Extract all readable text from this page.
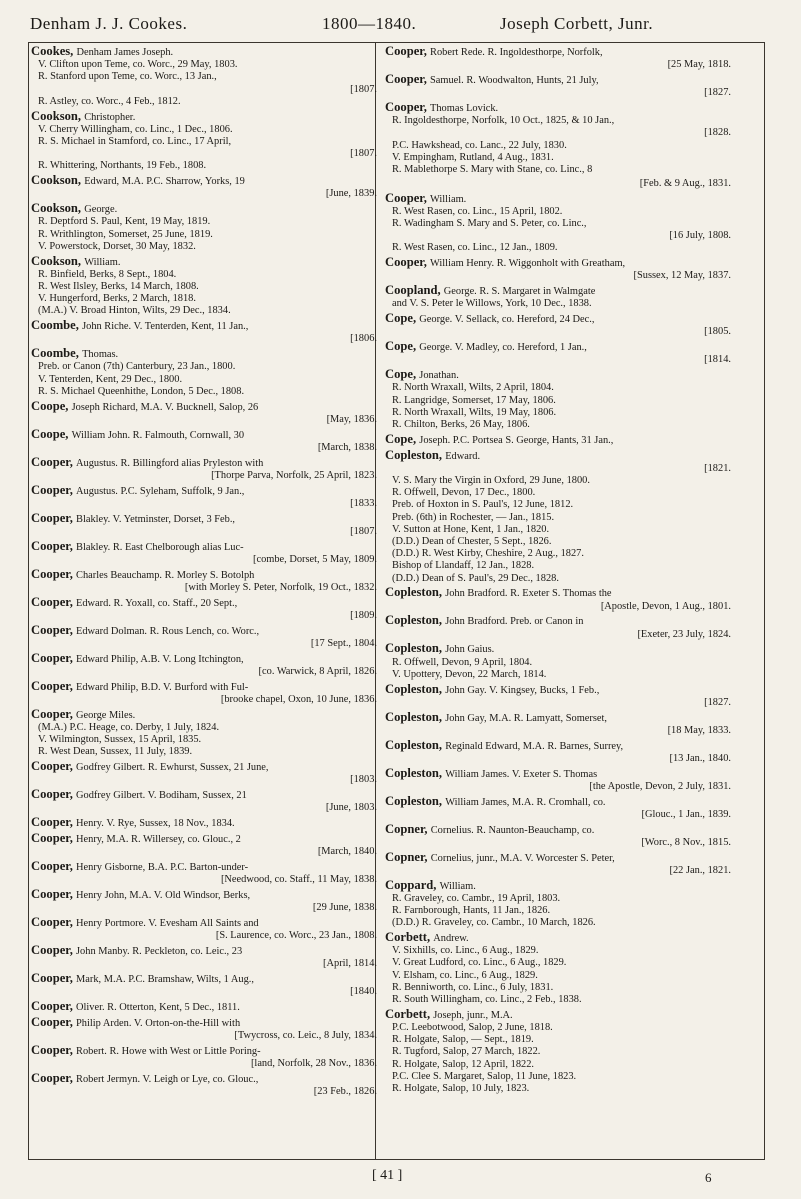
Denham J. J. Cookes.	1800—1840.	Joseph Corbett, Junr.
Cookes, Denham James Joseph.
V. Clifton upon Teme, co. Worc., 29 May, 1803.
R. Stanford upon Teme, co. Worc., 13 Jan.,
[1807.
R. Astley, co. Worc., 4 Feb., 1812.
Cookson, Christopher.
V. Cherry Willingham, co. Linc., 1 Dec., 1806.
R. S. Michael in Stamford, co. Linc., 17 April,
[1807.
R. Whittering, Northants, 19 Feb., 1808.
Cookson, Edward, M.A. P.C. Sharrow, Yorks, 19
[June, 1839.
Cookson, George.
R. Deptford S. Paul, Kent, 19 May, 1819.
R. Writhlington, Somerset, 25 June, 1819.
V. Powerstock, Dorset, 30 May, 1832.
Cookson, William.
R. Binfield, Berks, 8 Sept., 1804.
R. West Ilsley, Berks, 14 March, 1808.
V. Hungerford, Berks, 2 March, 1818.
(M.A.) V. Broad Hinton, Wilts, 29 Dec., 1834.
Coombe, John Riche. V. Tenterden, Kent, 11 Jan.,
[1806.
Coombe, Thomas.
Preb. or Canon (7th) Canterbury, 23 Jan., 1800.
V. Tenterden, Kent, 29 Dec., 1800.
R. S. Michael Queenhithe, London, 5 Dec., 1808.
Coope, Joseph Richard, M.A. V. Bucknell, Salop, 26
[May, 1836.
Coope, William John. R. Falmouth, Cornwall, 30
[March, 1838.
Cooper, Augustus. R. Billingford alias Pryleston with
[Thorpe Parva, Norfolk, 25 April, 1823.
Cooper, Augustus. P.C. Syleham, Suffolk, 9 Jan.,
[1833.
Cooper, Blakley. V. Yetminster, Dorset, 3 Feb.,
[1807.
Cooper, Blakley. R. East Chelborough alias Luc-
[combe, Dorset, 5 May, 1809.
Cooper, Charles Beauchamp. R. Morley S. Botolph
[with Morley S. Peter, Norfolk, 19 Oct., 1832.
Cooper, Edward. R. Yoxall, co. Staff., 20 Sept.,
[1809.
Cooper, Edward Dolman. R. Rous Lench, co. Worc.,
[17 Sept., 1804.
Cooper, Edward Philip, A.B. V. Long Itchington,
[co. Warwick, 8 April, 1826.
Cooper, Edward Philip, B.D. V. Burford with Ful-
[brooke chapel, Oxon, 10 June, 1836.
Cooper, George Miles.
(M.A.) P.C. Heage, co. Derby, 1 July, 1824.
V. Wilmington, Sussex, 15 April, 1835.
R. West Dean, Sussex, 11 July, 1839.
Cooper, Godfrey Gilbert. R. Ewhurst, Sussex, 21 June,
[1803.
Cooper, Godfrey Gilbert. V. Bodiham, Sussex, 21
[June, 1803.
Cooper, Henry. V. Rye, Sussex, 18 Nov., 1834.
Cooper, Henry, M.A. R. Willersey, co. Glouc., 2
[March, 1840.
Cooper, Henry Gisborne, B.A. P.C. Barton-under-
[Needwood, co. Staff., 11 May, 1838.
Cooper, Henry John, M.A. V. Old Windsor, Berks,
[29 June, 1838.
Cooper, Henry Portmore. V. Evesham All Saints and
[S. Laurence, co. Worc., 23 Jan., 1808.
Cooper, John Manby. R. Peckleton, co. Leic., 23
[April, 1814.
Cooper, Mark, M.A. P.C. Bramshaw, Wilts, 1 Aug.,
[1840.
Cooper, Oliver. R. Otterton, Kent, 5 Dec., 1811.
Cooper, Philip Arden. V. Orton-on-the-Hill with
[Twycross, co. Leic., 8 July, 1834.
Cooper, Robert. R. Howe with West or Little Poring-
[land, Norfolk, 28 Nov., 1836.
Cooper, Robert Jermyn. V. Leigh or Lye, co. Glouc.,
[23 Feb., 1826.
Cooper, Robert Rede. R. Ingoldesthorpe, Norfolk,
[25 May, 1818.
Cooper, Samuel. R. Woodwalton, Hunts, 21 July,
[1827.
Cooper, Thomas Lovick.
R. Ingoldesthorpe, Norfolk, 10 Oct., 1825, & 10 Jan.,
[1828.
P.C. Hawkshead, co. Lanc., 22 July, 1830.
V. Empingham, Rutland, 4 Aug., 1831.
R. Mablethorpe S. Mary with Stane, co. Linc., 8
[Feb. & 9 Aug., 1831.
Cooper, William.
R. West Rasen, co. Linc., 15 April, 1802.
R. Wadingham S. Mary and S. Peter, co. Linc.,
[16 July, 1808.
R. West Rasen, co. Linc., 12 Jan., 1809.
Cooper, William Henry. R. Wiggonholt with Greatham,
[Sussex, 12 May, 1837.
Coopland, George. R. S. Margaret in Walmgate
and V. S. Peter le Willows, York, 10 Dec., 1838.
Cope, George. V. Sellack, co. Hereford, 24 Dec.,
[1805.
Cope, George. V. Madley, co. Hereford, 1 Jan.,
[1814.
Cope, Jonathan.
R. North Wraxall, Wilts, 2 April, 1804.
R. Langridge, Somerset, 17 May, 1806.
R. North Wraxall, Wilts, 19 May, 1806.
R. Chilton, Berks, 26 May, 1806.
Cope, Joseph. P.C. Portsea S. George, Hants, 31 Jan.,
Copleston, Edward.
[1821.
V. S. Mary the Virgin in Oxford, 29 June, 1800.
R. Offwell, Devon, 17 Dec., 1800.
Preb. of Hoxton in S. Paul's, 12 June, 1812.
Preb. (6th) in Rochester, — Jan., 1815.
V. Sutton at Hone, Kent, 1 Jan., 1820.
(D.D.) Dean of Chester, 5 Sept., 1826.
(D.D.) R. West Kirby, Cheshire, 2 Aug., 1827.
Bishop of Llandaff, 12 Jan., 1828.
(D.D.) Dean of S. Paul's, 29 Dec., 1828.
Copleston, John Bradford. R. Exeter S. Thomas the
[Apostle, Devon, 1 Aug., 1801.
Copleston, John Bradford. Preb. or Canon in
[Exeter, 23 July, 1824.
Copleston, John Gaius.
R. Offwell, Devon, 9 April, 1804.
V. Upottery, Devon, 22 March, 1814.
Copleston, John Gay. V. Kingsey, Bucks, 1 Feb.,
[1827.
Copleston, John Gay, M.A. R. Lamyatt, Somerset,
[18 May, 1833.
Copleston, Reginald Edward, M.A. R. Barnes, Surrey,
[13 Jan., 1840.
Copleston, William James. V. Exeter S. Thomas
[the Apostle, Devon, 2 July, 1831.
Copleston, William James, M.A. R. Cromhall, co.
[Glouc., 1 Jan., 1839.
Copner, Cornelius. R. Naunton-Beauchamp, co.
[Worc., 8 Nov., 1815.
Copner, Cornelius, junr., M.A. V. Worcester S. Peter,
[22 Jan., 1821.
Coppard, William.
R. Graveley, co. Cambr., 19 April, 1803.
R. Farnborough, Hants, 11 Jan., 1826.
(D.D.) R. Graveley, co. Cambr., 10 March, 1826.
Corbett, Andrew.
V. Sixhills, co. Linc., 6 Aug., 1829.
V. Great Ludford, co. Linc., 6 Aug., 1829.
V. Elsham, co. Linc., 6 Aug., 1829.
R. Benniworth, co. Linc., 6 July, 1831.
R. South Willingham, co. Linc., 2 Feb., 1838.
Corbett, Joseph, junr., M.A.
P.C. Leebotwood, Salop, 2 June, 1818.
R. Holgate, Salop, — Sept., 1819.
R. Tugford, Salop, 27 March, 1822.
R. Holgate, Salop, 12 April, 1822.
P.C. Clee S. Margaret, Salop, 11 June, 1823.
R. Holgate, Salop, 10 July, 1823.
[ 41 ]	6
